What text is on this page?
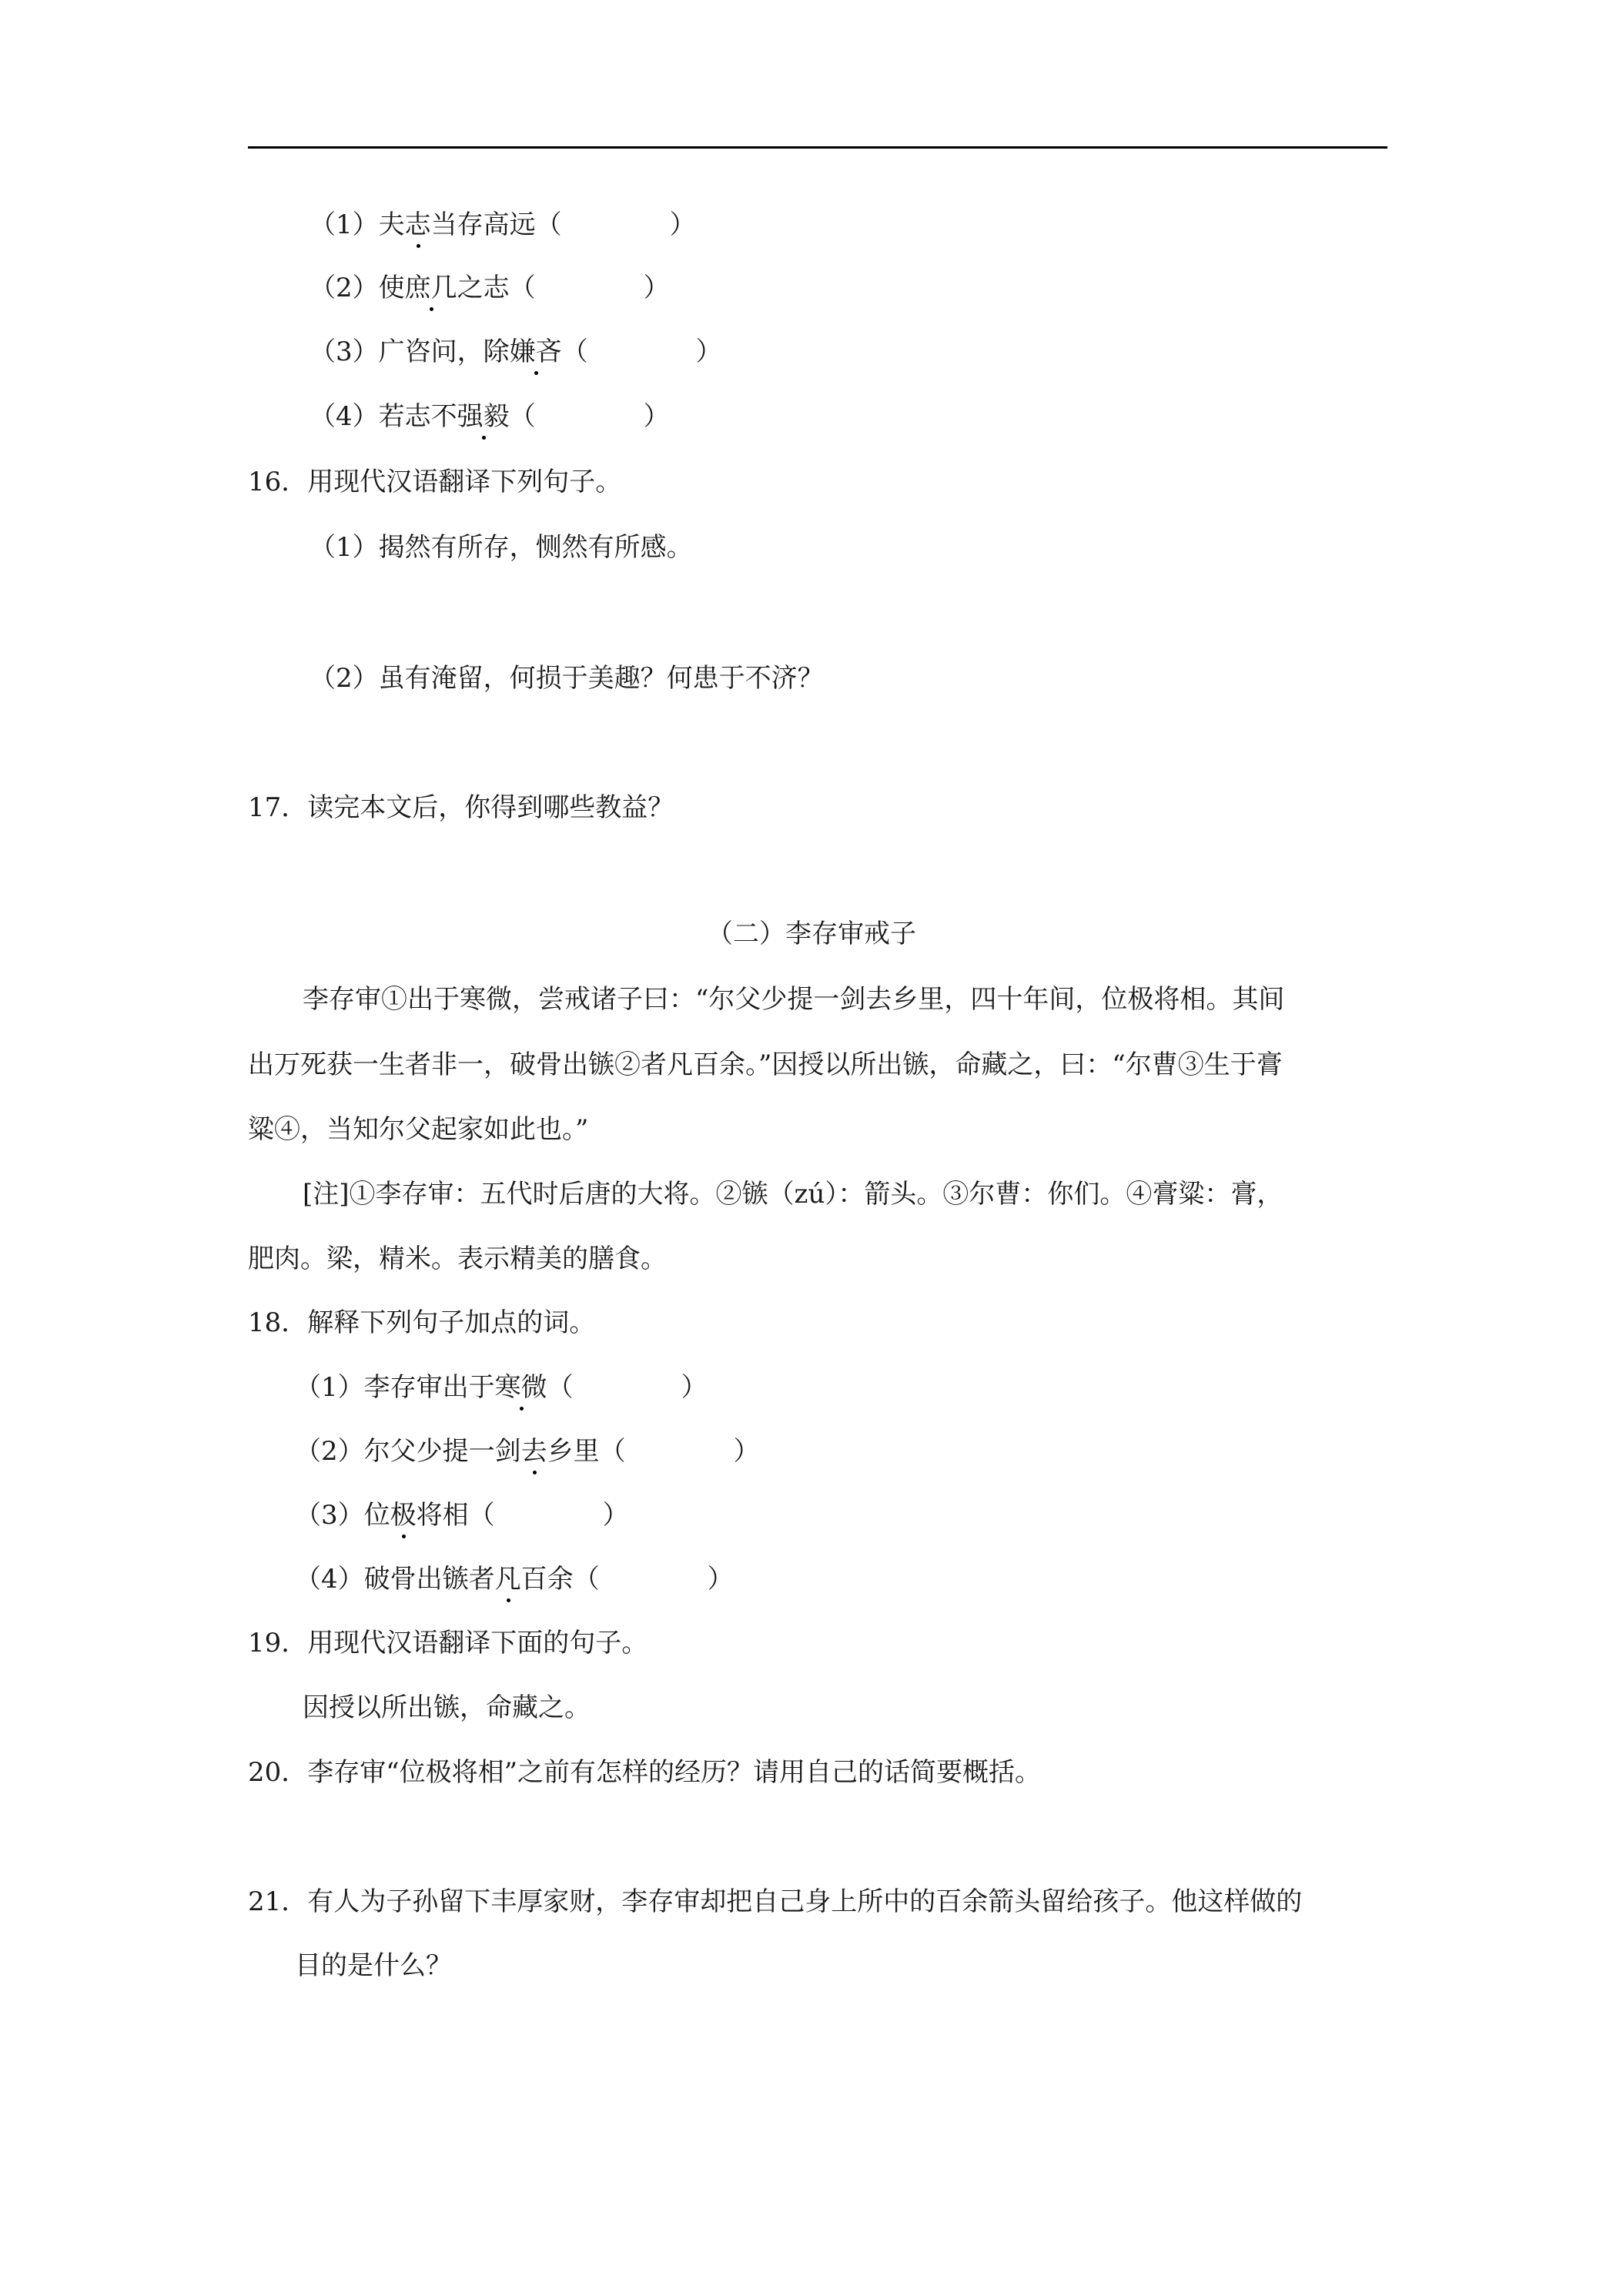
（1）夫志当存高远（	）
（2）使庶几之志（	）
（3）广咨问，除嫌吝（	）
（4）若志不强毅（	）
16．用现代汉语翻译下列句子。
（1）揭然有所存，恻然有所感。
（2）虽有淹留，何损于美趣？何患于不济？
17．读完本文后，你得到哪些教益？
（二）李存审戒子
李存审①出于寒微，尝戒诸子曰：“尔父少提一剑去乡里，四十年间，位极将相。其间
出万死获一生者非一，破骨出镞②者凡百余。”因授以所出镞，命藏之，曰：“尔曹③生于膏
粱④，当知尔父起家如此也。”
[注]①李存审：五代时后唐的大将。②镞（zú）：箭头。③尔曹：你们。④膏粱：膏，
肥肉。梁，精米。表示精美的膳食。
18．解释下列句子加点的词。
（1）李存审出于寒微（	）
（2）尔父少提一剑去乡里（	）
（3）位极将相（	）
（4）破骨出镞者凡百余（	）
19．用现代汉语翻译下面的句子。
因授以所出镞，命藏之。
20．李存审“位极将相”之前有怎样的经历？请用自己的话简要概括。
21．有人为子孙留下丰厚家财，李存审却把自己身上所中的百余箭头留给孩子。他这样做的
目的是什么？
